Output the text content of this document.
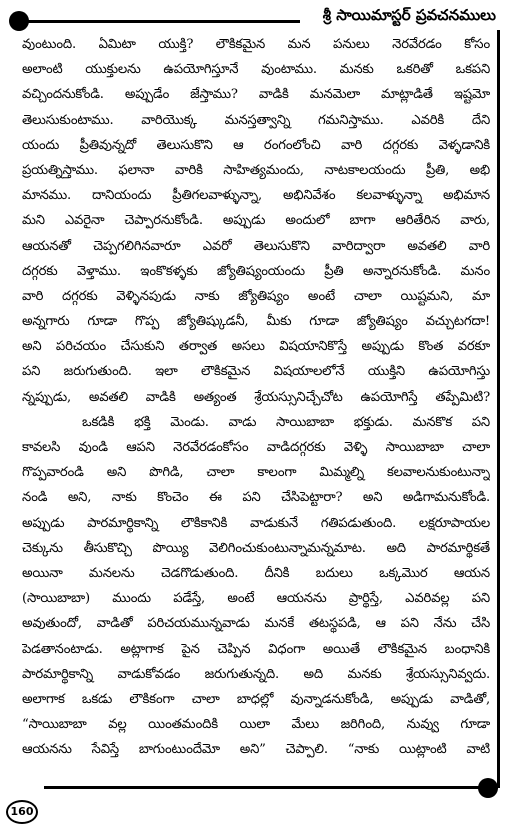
శ్రీ సాయిమాస్టర్ ప్రవచనములు
వుంటుంది. ఏమిటా యుక్తి? లౌకికమైన మన పనులు నెరవేరడం కోసం
అలాంటి యుక్తులను ఉపయోగిస్తూనే వుంటాము. మనకు ఒకరితో ఒకపని
వచ్చిందనుకోండి. అప్పుడేం జేస్తాము? వాడికి మనమెలా మాట్లాడితే ఇష్టమో
తెలుసుకుంటాము. వారియొక్క మనస్తత్వాన్ని గమనిస్తాము. ఎవరికి దేని
యందు ప్రీతివున్నదో తెలుసుకొని ఆ రంగంలోంచి వారి దగ్గరకు వెళ్ళడానికి
ప్రయత్నిస్తాము. ఫలానా వారికి సాహిత్యమందు, నాటకాలయందు ప్రీతి, అభి
మానము. దానియందు ప్రీతిగలవాళ్ళున్నా, అభినివేశం కలవాళ్ళున్నా అభిమాన
మని ఎవరైనా చెప్పారనుకోండి. అప్పుడు అందులో బాగా ఆరితేరిన వారు,
ఆయనతో చెప్పగలిగినవారూ ఎవరో తెలుసుకొని వారిద్వారా అవతలి వారి
దగ్గరకు వెళ్తాము. ఇంకొకళ్ళకు జ్యోతిష్యంయందు ప్రీతి అన్నారనుకోండి. మనం
వారి దగ్గరకు వెళ్ళినపుడు నాకు జ్యోతిష్యం అంటే చాలా యిష్టమని, మా
అన్నగారు గూడా గొప్ప జ్యోతిష్కుడనీ, మీకు గూడా జ్యోతిష్యం వచ్చుటగదా!
అని పరిచయం చేసుకుని తర్వాత అసలు విషయానికొస్తే అప్పుడు కొంత వరకూ
పని జరుగుతుంది. ఇలా లౌకికమైన విషయాలలోనే యుక్తిని ఉపయోగిస్తు
న్నప్పుడు, అవతలి వాడికి అత్యంత శ్రేయస్సునిచ్చేచోట ఉపయోగిస్తే తప్పేమిటి?
ఒకడికి భక్తి మెండు. వాడు సాయిబాబా భక్తుడు. మనకొక పని
కావలసి వుండి ఆపని నెరవేరడంకోసం వాడిదగ్గరకు వెళ్ళి సాయిబాబా చాలా
గొప్పవారండి అని పొగిడి, చాలా కాలంగా మిమ్మల్ని కలవాలనుకుంటున్నా
నండి అని, నాకు కొంచెం ఈ పని చేసిపెట్టారా? అని అడిగామనుకోండి.
అప్పుడు పారమార్థికాన్ని లౌకికానికి వాడుకునే గతిపడుతుంది. లక్షరూపాయల
చెక్కును తీసుకొచ్చి పొయ్యి వెలిగించుకుంటున్నామన్నమాట. అది పారమార్థికతే
అయినా మనలను చెడగొడుతుంది. దీనికి బదులు ఒక్కమొర ఆయన
(సాయిబాబా) ముందు పడేస్తే, అంటే ఆయనను ప్రార్థిస్తే, ఎవరివల్ల పని
అవుతుందో, వాడితో పరిచయమున్నవాడు మనకే తటస్థపడి, ఆ పని నేను చేసి
పెడతానంటాడు. అట్లాగాక పైన చెప్పిన విధంగా అయితే లౌకికమైన బంధానికి
పారమార్థికాన్ని వాడుకోవడం జరుగుతున్నది. అది మనకు శ్రేయస్సునివ్వదు.
అలాగాక ఒకడు లౌకికంగా చాలా బాధల్లో వున్నాడనుకోండి, అప్పుడు వాడితో,
“సాయిబాబా వల్ల యింతమందికి యిలా మేలు జరిగింది, నువ్వు గూడా
ఆయనను సేవిస్తే బాగుంటుందేమో అని” చెప్పాలి. “నాకు యిట్లాంటి వాటి
160
